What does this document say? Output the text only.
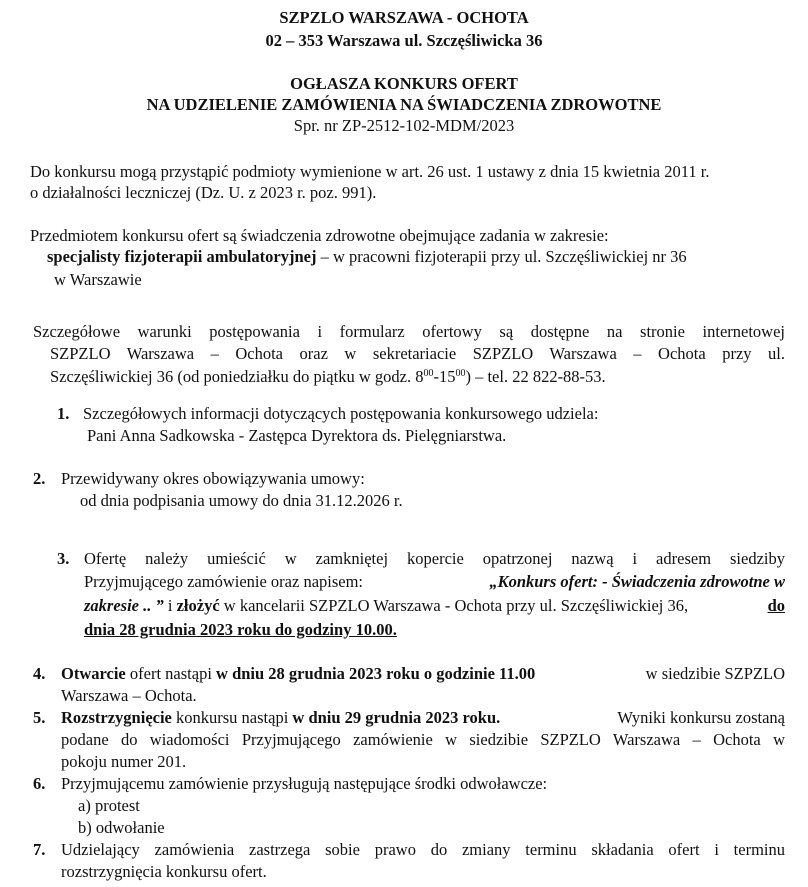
SZPZLO WARSZAWA - OCHOTA
02 – 353 Warszawa ul. Szczęśliwicka 36
OGŁASZA KONKURS OFERT
NA UDZIELENIE ZAMÓWIENIA NA ŚWIADCZENIA ZDROWOTNE
Spr. nr ZP-2512-102-MDM/2023
Do konkursu mogą przystąpić podmioty wymienione w art. 26 ust. 1 ustawy z dnia 15 kwietnia 2011 r.
o działalności leczniczej (Dz. U. z 2023 r. poz. 991).
Przedmiotem konkursu ofert są świadczenia zdrowotne obejmujące zadania w zakresie:
specjalisty fizjoterapii ambulatoryjnej – w pracowni fizjoterapii przy ul. Szczęśliwickiej nr 36
w Warszawie
Szczegółowe warunki postępowania i formularz ofertowy są dostępne na stronie internetowej
SZPZLO Warszawa – Ochota oraz w sekretariacie SZPZLO Warszawa – Ochota przy ul.
Szczęśliwickiej 36 (od poniedziałku do piątku w godz. $8^{00}-15^{00}$) – tel. 22 822-88-53.
1. Szczegółowych informacji dotyczących postępowania konkursowego udziela:
Pani Anna Sadkowska - Zastępca Dyrektora ds. Pielęgniarstwa.
2. Przewidywany okres obowiązywania umowy:
od dnia podpisania umowy do dnia 31.12.2026 r.
3. Ofertę należy umieścić w zamkniętej kopercie opatrzonej nazwą i adresem siedziby
Przyjmującego zamówienie oraz napisem:	„Konkurs ofert: - Świadczenia zdrowotne w
zakresie .. ” i złożyć w kancelarii SZPZLO Warszawa - Ochota przy ul. Szczęśliwickiej 36,	do
dnia 28 grudnia 2023 roku do godziny 10.00.
4. Otwarcie ofert nastąpi w dniu 28 grudnia 2023 roku o godzinie 11.00	w siedzibie SZPZLO
Warszawa – Ochota.
5. Rozstrzygnięcie konkursu nastąpi w dniu 29 grudnia 2023 roku.	Wyniki konkursu zostaną
podane do wiadomości Przyjmującego zamówienie w siedzibie SZPZLO Warszawa – Ochota w
pokoju numer 201.
6. Przyjmującemu zamówienie przysługują następujące środki odwoławcze:
a) protest
b) odwołanie
7. Udzielający zamówienia zastrzega sobie prawo do zmiany terminu składania ofert i terminu
rozstrzygnięcia konkursu ofert.
